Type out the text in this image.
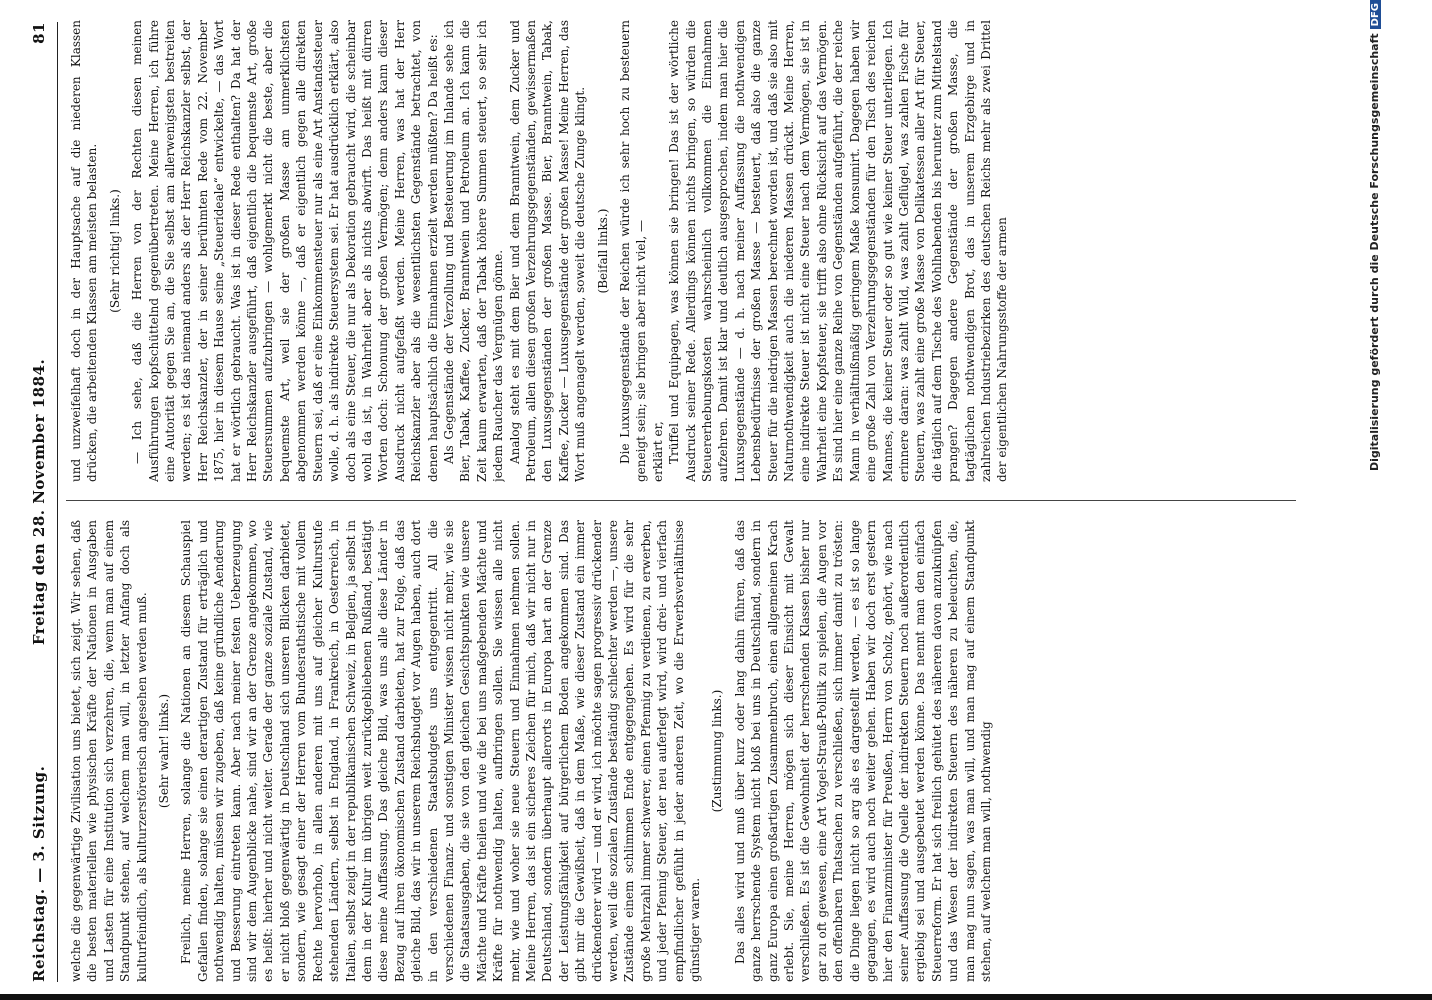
Reichstag. — 3. Sitzung.
Freitag den 28. November 1884.
81

welche die gegenwärtige Zivilisation uns bietet, sich zeigt. Wir sehen, daß die besten materiellen wie physischen Kräfte der Nationen in Ausgaben und Lasten für eine Institution sich verzehren, die, wenn man auf einem Standpunkt stehen, auf welchem man will, in letzter Anfang doch als kulturfeindlich, als kulturzerstörerisch angesehen werden muß. (Sehr wahr! links.) Freilich, meine Herren, solange die Nationen an diesem Schauspiel Gefallen finden, solange sie einen derartigen Zustand für erträglich und nothwendig halten, müssen wir zugeben, daß keine gründliche Aenderung und Besserung eintreten kann. Aber nach meiner festen Ueberzeugung sind wir dem Augenblicke nahe, sind wir an der Grenze angekommen, wo es heißt: hierher und nicht weiter. Gerade der ganze soziale Zustand, wie er nicht bloß gegenwärtig in Deutschland sich unseren Blicken darbietet, sondern, wie gesagt einer der Herren vom Bundesrathstische mit vollem Rechte hervorhob, in allen anderen mit uns auf gleicher Kulturstufe stehenden Ländern, selbst in England, in Frankreich, in Oesterreich, in Italien, selbst zeigt in der republikanischen Schweiz, in Belgien, ja selbst in dem in der Kultur im übrigen weit zurückgebliebenen Rußland, bestätigt diese meine Auffassung. Das gleiche Bild, was uns alle diese Länder in Bezug auf ihren ökonomischen Zustand darbieten, hat zur Folge, daß das gleiche Bild, das wir in unserem Reichsbudget vor Augen haben, auch dort in den verschiedenen Staatsbudgets uns entgegentritt. All die verschiedenen Finanz- und sonstigen Minister wissen nicht mehr, wie sie die Staatsausgaben, die sie von den gleichen Gesichtspunkten wie unsere Mächte und Kräfte theilen und wie die bei uns maßgebenden Mächte und Kräfte für nothwendig halten, aufbringen sollen. Sie wissen alle nicht mehr, wie und woher sie neue Steuern und Einnahmen nehmen sollen. Meine Herren, das ist ein sicheres Zeichen für mich, daß wir nicht nur in Deutschland, sondern überhaupt allerorts in Europa hart an der Grenze der Leistungsfähigkeit auf bürgerlichem Boden angekommen sind. Das gibt mir die Gewißheit, daß in dem Maße, wie dieser Zustand ein immer drückenderer wird — und er wird, ich möchte sagen progressiv drückender werden, weil die sozialen Zustände beständig schlechter werden —, unsere Zustände einem schlimmen Ende entgegengehen. Es wird für die sehr große Mehrzahl immer schwerer, einen Pfennig zu verdienen, zu erwerben, und jeder Pfennig Steuer, der neu auferlegt wird, wird drei- und vierfach empfindlicher gefühlt in jeder anderen Zeit, wo die Erwerbsverhältnisse günstiger waren.

(Zustimmung links.) Das alles wird und muß über kurz oder lang dahin führen, daß das ganze herrschende System nicht bloß bei uns in Deutschland, sondern in ganz Europa einen großartigen Zusammenbruch, einen allgemeinen Krach erlebt. Sie, meine Herren, mögen sich dieser Einsicht mit Gewalt verschließen. Es ist die Gewohnheit der herrschenden Klassen bisher nur gar zu oft gewesen, eine Art Vogel-Strauß-Politik zu spielen, die Augen vor den offenbaren Thatsachen zu verschließen, sich immer damit zu trösten: die Dinge liegen nicht so arg als es dargestellt werden, — es ist so lange gegangen, es wird auch noch weiter gehen. Haben wir doch erst gestern hier den Finanzminister für Preußen, Herrn von Scholz, gehört, wie nach seiner Auffassung die Quelle der indirekten Steuern noch außerordentlich ergiebig sei und ausgebeutet werden könne. Das nennt man den einfach Steuerreform. Er hat sich freilich gehütet des näheren davon anzuknüpfen und das Wesen der indirekten Steuern des näheren zu beleuchten, die, man mag nun sagen, was man will, und man mag auf einem Standpunkt stehen, auf welchem man will, nothwendig

und unzweifelhaft doch in der Hauptsache auf die niederen Klassen drücken, die arbeitenden Klassen am meisten belasten. (Sehr richtig! links.) — Ich sehe, daß die Herren von der Rechten diesen meinen Ausführungen kopfschüttelnd gegenübertreten. Meine Herren, ich führe eine Autorität gegen Sie an, die Sie selbst am allerwenigsten bestreiten werden; es ist das niemand anders als der Herr Reichskanzler selbst, der Herr Reichskanzler, der in seiner berühmten Rede vom 22. November 1875, hier in diesem Hause seine „Steuerideale“ entwickelte, — das Wort hat er wörtlich gebraucht. Was ist in dieser Rede enthalten? Da hat der Herr Reichskanzler ausgeführt, daß eigentlich die bequemste Art, große Steuersummen aufzubringen — wohlgemerkt nicht die beste, aber die bequemste Art, weil sie der großen Masse am unmerklichsten abgenommen werden könne —, daß er eigentlich gegen alle direkten Steuern sei, daß er eine Einkommensteuer nur als eine Art Anstandssteuer wolle, d. h. als indirekte Steuersystem sei. Er hat ausdrücklich erklärt, also doch als eine Steuer, die nur als Dekoration gebraucht wird, die scheinbar wohl da ist, in Wahrheit aber als nichts abwirft. Das heißt mit dürren Worten doch: Schonung der großen Vermögen; denn anders kann dieser Ausdruck nicht aufgefaßt werden. Meine Herren, was hat der Herr Reichskanzler aber als die wesentlichsten Gegenstände betrachtet, von denen hauptsächlich die Einnahmen erzielt werden müßten? Da heißt es: Als Gegenstände der Verzollung und Besteuerung im Inlande sehe ich Bier, Tabak, Kaffee, Zucker, Branntwein und Petroleum an. Ich kann die Zeit kaum erwarten, daß der Tabak höhere Summen steuert, so sehr ich jedem Raucher das Vergnügen gönne. Analog steht es mit dem Bier und dem Branntwein, dem Zucker und Petroleum, allen diesen großen Verzehrungsgegenständen, gewissermaßen den Luxusgegenständen der großen Masse. Bier, Branntwein, Tabak, Kaffee, Zucker — Luxusgegenstände der großen Masse! Meine Herren, das Wort muß angenagelt werden, soweit die deutsche Zunge klingt. (Beifall links.) Die Luxusgegenstände der Reichen würde ich sehr hoch zu besteuern geneigt sein; sie bringen aber nicht viel, — erklärt er, Trüffel und Equipagen, was können sie bringen! Das ist der wörtliche Ausdruck seiner Rede. Allerdings können nichts bringen, so würden die Steuererhebungskosten wahrscheinlich vollkommen die Einnahmen aufzehren. Damit ist klar und deutlich ausgesprochen, indem man hier die Luxusgegenstände — d. h. nach meiner Auffassung die nothwendigen Lebensbedürfnisse der großen Masse — besteuert, daß also die ganze Steuer für die niedrigen Massen berechnet worden ist, und daß sie also mit Naturnothwendigkeit auch die niederen Massen drückt. Meine Herren, eine indirekte Steuer ist nicht eine Steuer nach dem Vermögen, sie ist in Wahrheit eine Kopfsteuer, sie trifft also ohne Rücksicht auf das Vermögen. Es sind hier eine ganze Reihe von Gegenständen aufgeführt, die der reiche Mann in verhältnißmäßig geringem Maße konsumirt. Dagegen haben wir eine große Zahl von Verzehrungsgegenständen für den Tisch des reichen Mannes, die keiner Steuer oder so gut wie keiner Steuer unterliegen. Ich erinnere daran: was zahlt Wild, was zahlt Geflügel, was zahlen Fische für Steuern, was zahlt eine große Masse von Delikatessen aller Art für Steuer, die täglich auf dem Tische des Wohlhabenden bis herunter zum Mittelstand prangen? Dagegen andere Gegenstände der großen Masse, die tagtäglichen nothwendigen Brot, das in unserem Erzgebirge und in zahlreichen Industriebezirken des deutschen Reichs mehr als zwei Drittel der eigentlichen Nahrungsstoffe der armen	Digitalisierung gefördert durch die Deutsche ForschungsgemeinschaftDFG
